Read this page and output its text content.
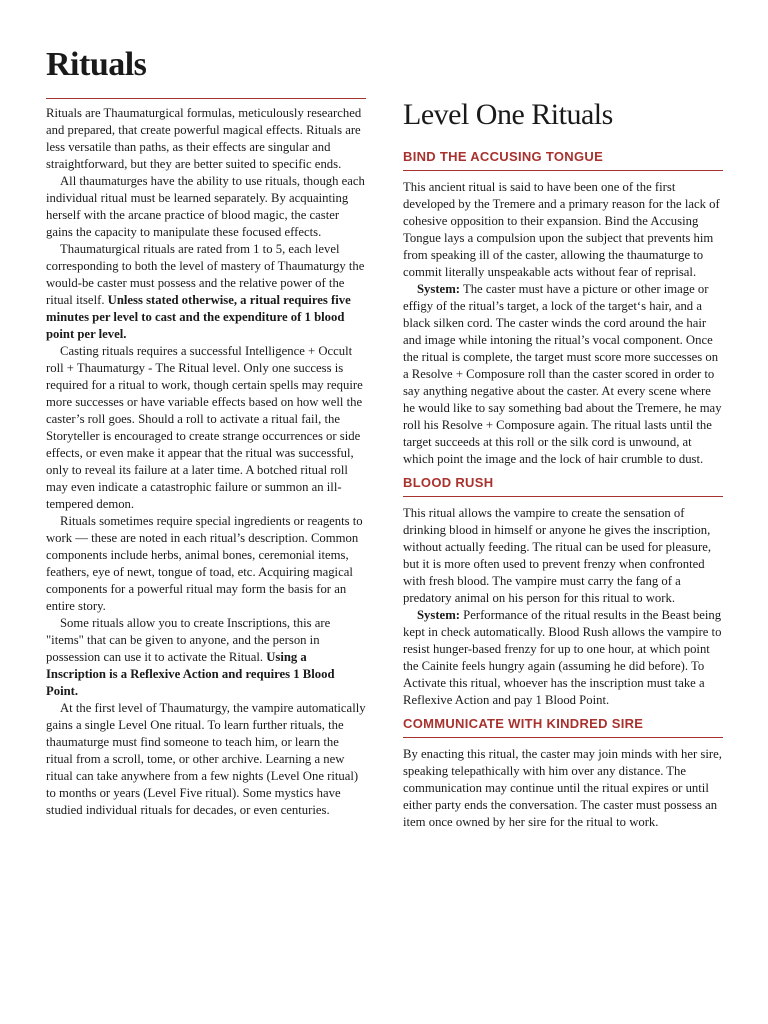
Rituals

Rituals are Thaumaturgical formulas, meticulously researched and prepared, that create powerful magical effects. Rituals are less versatile than paths, as their effects are singular and straightforward, but they are better suited to specific ends.

All thaumaturges have the ability to use rituals, though each individual ritual must be learned separately. By acquainting herself with the arcane practice of blood magic, the caster gains the capacity to manipulate these focused effects.

Thaumaturgical rituals are rated from 1 to 5, each level corresponding to both the level of mastery of Thaumaturgy the would-be caster must possess and the relative power of the ritual itself. Unless stated otherwise, a ritual requires five minutes per level to cast and the expenditure of 1 blood point per level.

Casting rituals requires a successful Intelligence + Occult roll + Thaumaturgy - The Ritual level. Only one success is required for a ritual to work, though certain spells may require more successes or have variable effects based on how well the caster’s roll goes. Should a roll to activate a ritual fail, the Storyteller is encouraged to create strange occurrences or side effects, or even make it appear that the ritual was successful, only to reveal its failure at a later time. A botched ritual roll may even indicate a catastrophic failure or summon an ill-tempered demon.

Rituals sometimes require special ingredients or reagents to work — these are noted in each ritual’s description. Common components include herbs, animal bones, ceremonial items, feathers, eye of newt, tongue of toad, etc. Acquiring magical components for a powerful ritual may form the basis for an entire story.

Some rituals allow you to create Inscriptions, this are "items" that can be given to anyone, and the person in possession can use it to activate the Ritual. Using a Inscription is a Reflexive Action and requires 1 Blood Point.

At the first level of Thaumaturgy, the vampire automatically gains a single Level One ritual. To learn further rituals, the thaumaturge must find someone to teach him, or learn the ritual from a scroll, tome, or other archive. Learning a new ritual can take anywhere from a few nights (Level One ritual) to months or years (Level Five ritual). Some mystics have studied individual rituals for decades, or even centuries.

Level One Rituals
BIND THE ACCUSING TONGUE

This ancient ritual is said to have been one of the first developed by the Tremere and a primary reason for the lack of cohesive opposition to their expansion. Bind the Accusing Tongue lays a compulsion upon the subject that prevents him from speaking ill of the caster, allowing the thaumaturge to commit literally unspeakable acts without fear of reprisal.

System: The caster must have a picture or other image or effigy of the ritual’s target, a lock of the target‘s hair, and a black silken cord. The caster winds the cord around the hair and image while intoning the ritual’s vocal component. Once the ritual is complete, the target must score more successes on a Resolve + Composure roll than the caster scored in order to say anything negative about the caster. At every scene where he would like to say something bad about the Tremere, he may roll his Resolve + Composure again. The ritual lasts until the target succeeds at this roll or the silk cord is unwound, at which point the image and the lock of hair crumble to dust.

BLOOD RUSH

This ritual allows the vampire to create the sensation of drinking blood in himself or anyone he gives the inscription, without actually feeding. The ritual can be used for pleasure, but it is more often used to prevent frenzy when confronted with fresh blood. The vampire must carry the fang of a predatory animal on his person for this ritual to work.

System: Performance of the ritual results in the Beast being kept in check automatically. Blood Rush allows the vampire to resist hunger-based frenzy for up to one hour, at which point the Cainite feels hungry again (assuming he did before). To Activate this ritual, whoever has the inscription must take a Reflexive Action and pay 1 Blood Point.

COMMUNICATE WITH KINDRED SIRE

By enacting this ritual, the caster may join minds with her sire, speaking telepathically with him over any distance. The communication may continue until the ritual expires or until either party ends the conversation. The caster must possess an item once owned by her sire for the ritual to work.
